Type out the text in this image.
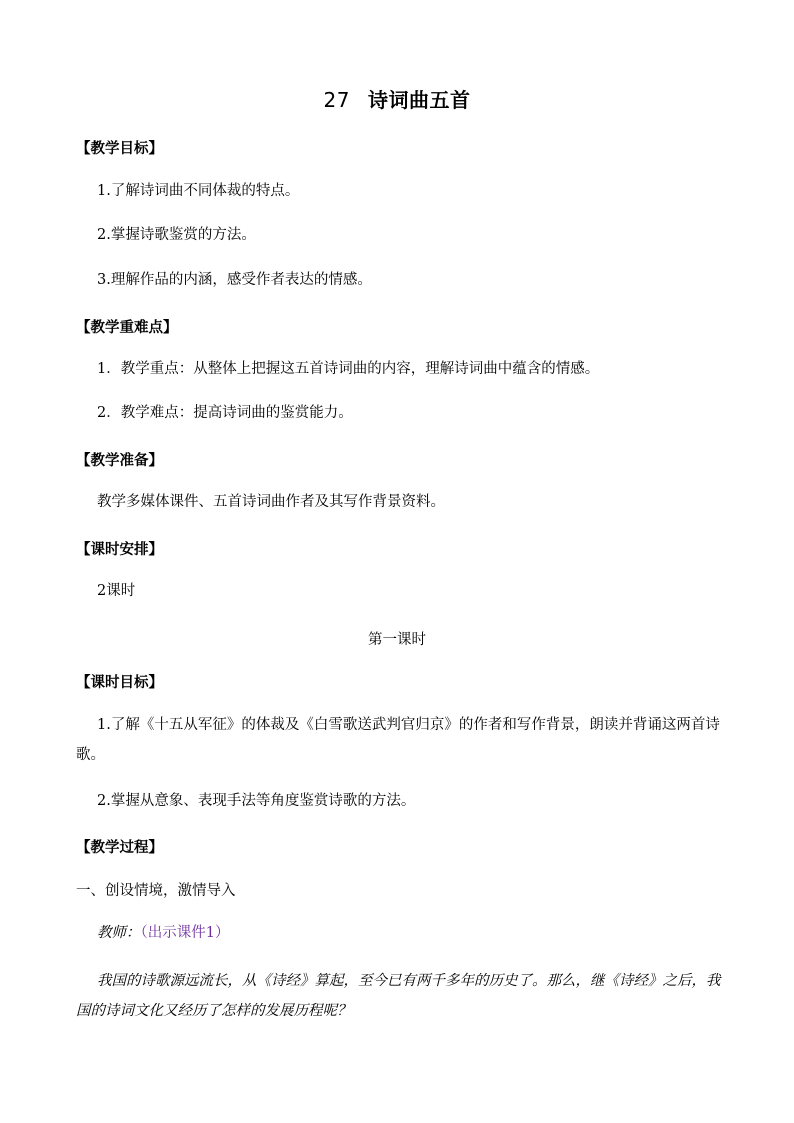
27 诗词曲五首
【教学目标】
1.了解诗词曲不同体裁的特点。
2.掌握诗歌鉴赏的方法。
3.理解作品的内涵，感受作者表达的情感。
【教学重难点】
1．教学重点：从整体上把握这五首诗词曲的内容，理解诗词曲中蕴含的情感。
2．教学难点：提高诗词曲的鉴赏能力。
【教学准备】
教学多媒体课件、五首诗词曲作者及其写作背景资料。
【课时安排】
2课时
第一课时
【课时目标】
1.了解《十五从军征》的体裁及《白雪歌送武判官归京》的作者和写作背景，朗读并背诵这两首诗歌。
2.掌握从意象、表现手法等角度鉴赏诗歌的方法。
【教学过程】
一、创设情境，激情导入
教师：（出示课件1）
我国的诗歌源远流长，从《诗经》算起，至今已有两千多年的历史了。那么，继《诗经》之后，我国的诗词文化又经历了怎样的发展历程呢？
